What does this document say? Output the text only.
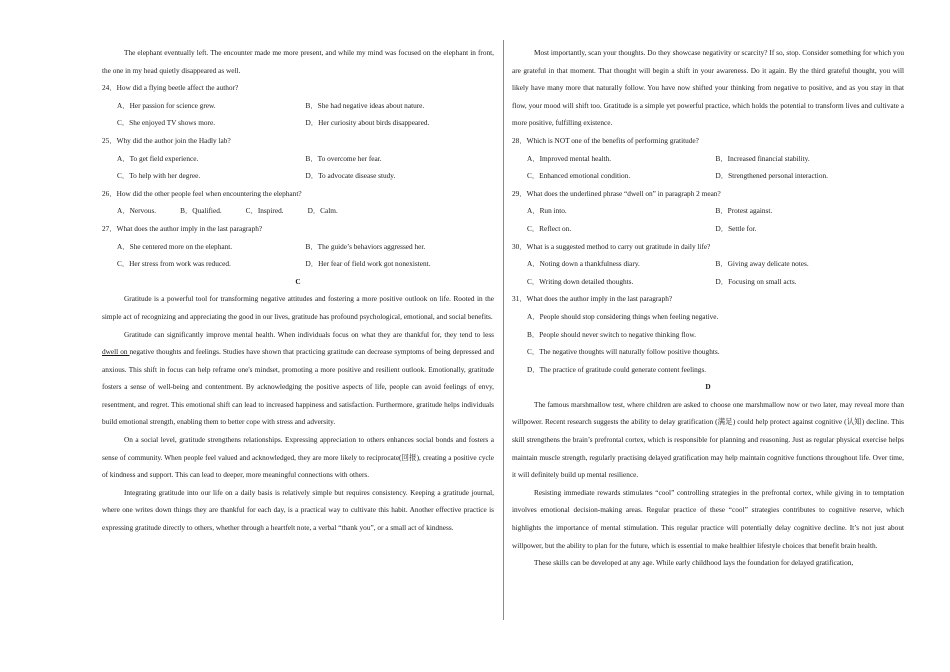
The elephant eventually left. The encounter made me more present, and while my mind was focused on the elephant in front, the one in my head quietly disappeared as well.

24．How did a flying beetle affect the author?

A．Her passion for science grew.	B．She had negative ideas about nature.
C．She enjoyed TV shows more.	D．Her curiosity about birds disappeared.

25．Why did the author join the Hadly lab?

A．To get field experience.	B．To overcome her fear.
C．To help with her degree.	D．To advocate disease study.

26．How did the other people feel when encountering the elephant?

A．Nervous.	B．Qualified.	C．Inspired.	D．Calm.

27．What does the author imply in the last paragraph?

A．She centered more on the elephant.	B．The guide’s behaviors aggressed her.
C．Her stress from work was reduced.	D．Her fear of field work got nonexistent.

C

Gratitude is a powerful tool for transforming negative attitudes and fostering a more positive outlook on life. Rooted in the simple act of recognizing and appreciating the good in our lives, gratitude has profound psychological, emotional, and social benefits.

Gratitude can significantly improve mental health. When individuals focus on what they are thankful for, they tend to less dwell on negative thoughts and feelings. Studies have shown that practicing gratitude can decrease symptoms of being depressed and anxious. This shift in focus can help reframe one's mindset, promoting a more positive and resilient outlook. Emotionally, gratitude fosters a sense of well-being and contentment. By acknowledging the positive aspects of life, people can avoid feelings of envy, resentment, and regret. This emotional shift can lead to increased happiness and satisfaction. Furthermore, gratitude helps individuals build emotional strength, enabling them to better cope with stress and adversity.

On a social level, gratitude strengthens relationships. Expressing appreciation to others enhances social bonds and fosters a sense of community. When people feel valued and acknowledged, they are more likely to reciprocate(回报), creating a positive cycle of kindness and support. This can lead to deeper, more meaningful connections with others.

Integrating gratitude into our life on a daily basis is relatively simple but requires consistency. Keeping a gratitude journal, where one writes down things they are thankful for each day, is a practical way to cultivate this habit. Another effective practice is expressing gratitude directly to others, whether through a heartfelt note, a verbal “thank you”, or a small act of kindness.

Most importantly, scan your thoughts. Do they showcase negativity or scarcity? If so, stop. Consider something for which you are grateful in that moment. That thought will begin a shift in your awareness. Do it again. By the third grateful thought, you will likely have many more that naturally follow. You have now shifted your thinking from negative to positive, and as you stay in that flow, your mood will shift too. Gratitude is a simple yet powerful practice, which holds the potential to transform lives and cultivate a more positive, fulfilling existence.

28．Which is NOT one of the benefits of performing gratitude?

A．Improved mental health.	B．Increased financial stability.
C．Enhanced emotional condition.	D．Strengthened personal interaction.

29．What does the underlined phrase “dwell on” in paragraph 2 mean?

A．Run into.	B．Protest against.
C．Reflect on.	D．Settle for.

30．What is a suggested method to carry out gratitude in daily life?

A．Noting down a thankfulness diary.	B．Giving away delicate notes.
C．Writing down detailed thoughts.	D．Focusing on small acts.

31．What does the author imply in the last paragraph?

A．People should stop considering things when feeling negative.
B．People should never switch to negative thinking flow.
C．The negative thoughts will naturally follow positive thoughts.
D．The practice of gratitude could generate content feelings.

D

The famous marshmallow test, where children are asked to choose one marshmallow now or two later, may reveal more than willpower. Recent research suggests the ability to delay gratification (满足) could help protect against cognitive (认知) decline. This skill strengthens the brain’s prefrontal cortex, which is responsible for planning and reasoning. Just as regular physical exercise helps maintain muscle strength, regularly practising delayed gratification may help maintain cognitive functions throughout life. Over time, it will definitely build up mental resilience.

Resisting immediate rewards stimulates “cool” controlling strategies in the prefrontal cortex, while giving in to temptation involves emotional decision-making areas. Regular practice of these “cool” strategies contributes to cognitive reserve, which highlights the importance of mental stimulation. This regular practice will potentially delay cognitive decline. It’s not just about willpower, but the ability to plan for the future, which is essential to make healthier lifestyle choices that benefit brain health.

These skills can be developed at any age. While early childhood lays the foundation for delayed gratification,
